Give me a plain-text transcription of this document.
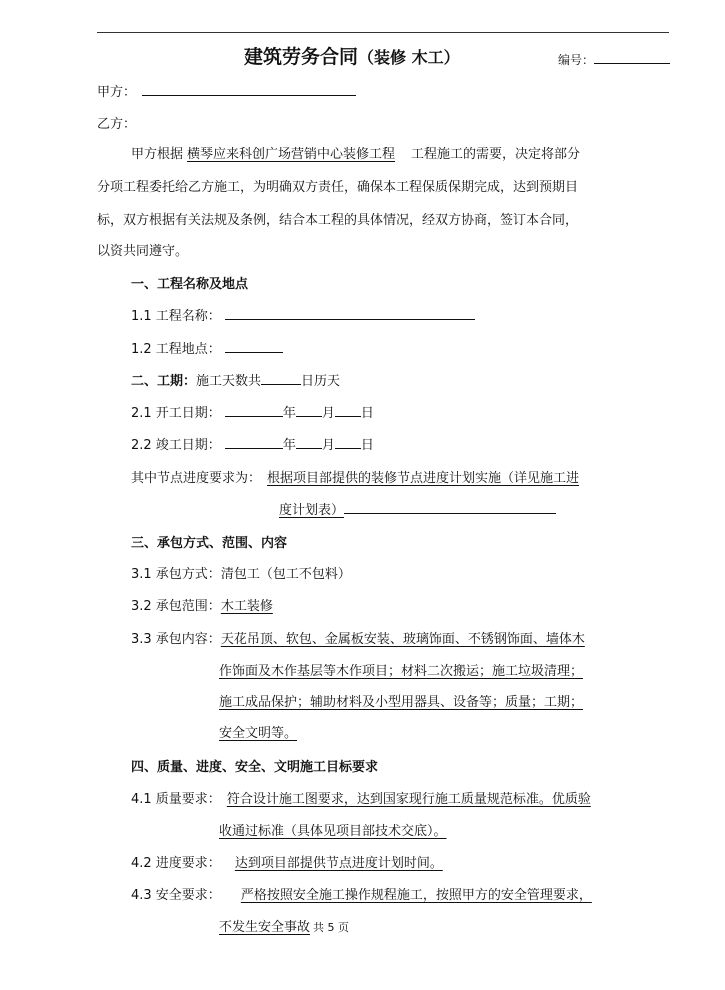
建筑劳务合同（装修 木工）	编号：
甲方：
乙方：
甲方根据 横琴应来科创广场营销中心装修工程 工程施工的需要，决定将部分
分项工程委托给乙方施工，为明确双方责任，确保本工程保质保期完成，达到预期目
标，双方根据有关法规及条例，结合本工程的具体情况，经双方协商，签订本合同，
以资共同遵守。
一、工程名称及地点
1.1 工程名称：
1.2 工程地点：
二、工期：施工天数共	日历天
2.1 开工日期：	年 月 日
2.2 竣工日期：	年 月 日
其中节点进度要求为： 根据项目部提供的装修节点进度计划实施（详见施工进
度计划表）
三、承包方式、范围、内容
3.1 承包方式：清包工（包工不包料）
3.2 承包范围：木工装修
3.3 承包内容：天花吊顶、软包、金属板安装、玻璃饰面、不锈钢饰面、墙体木
作饰面及木作基层等木作项目；材料二次搬运；施工垃圾清理；
施工成品保护；辅助材料及小型用器具、设备等；质量；工期；
安全文明等。
四、质量、进度、安全、文明施工目标要求
4.1 质量要求： 符合设计施工图要求，达到国家现行施工质量规范标准。优质验
收通过标准（具体见项目部技术交底）。
4.2 进度要求： 达到项目部提供节点进度计划时间。
4.3 安全要求： 严格按照安全施工操作规程施工，按照甲方的安全管理要求，
不发生安全事故 共 5 页
